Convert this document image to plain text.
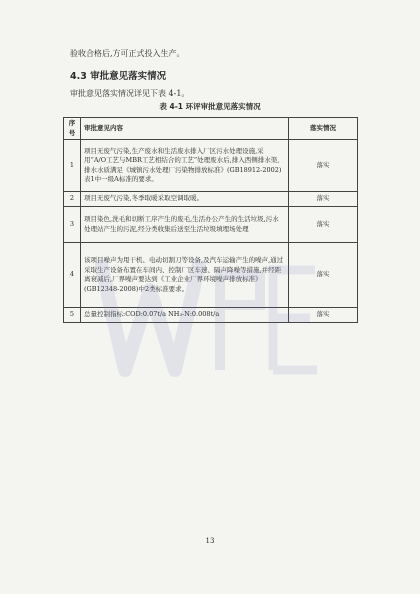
验收合格后,方可正式投入生产。
4.3 审批意见落实情况
审批意见落实情况详见下表 4-1。
表 4-1 环评审批意见落实情况
序号	审批意见内容	落实情况
1	项目无废气污染,生产废水和生活废水排入厂区污水处理设施,采用“A/O工艺与MBR工艺相结合的工艺”处理废水后,排入西侧排水渠,排水水质满足《城镇污水处理厂污染物排放标准》(GB18912-2002)表1中一级A标准的要求。	落实
2	项目无废气污染,冬季取暖采取空调取暖。	落实
3	项目染色,洗毛和切断工序产生的废毛,生活办公产生的生活垃圾,污水处理站产生的污泥,经分类收集后送至生活垃圾填埋场处理	落实
4	该项目噪声为甩干机、电动切割刀等设备,及汽车运输产生的噪声,通过采取生产设备布置在车间内、控制厂区车速、隔声降噪等措施,并经距离衰减后,厂界噪声要达到《工业企业厂界环境噪声排放标准》(GB12348-2008)中2类标准要求。	落实
5	总量控制指标:COD:0.07t/a NH₃-N:0.008t/a	落实
13
